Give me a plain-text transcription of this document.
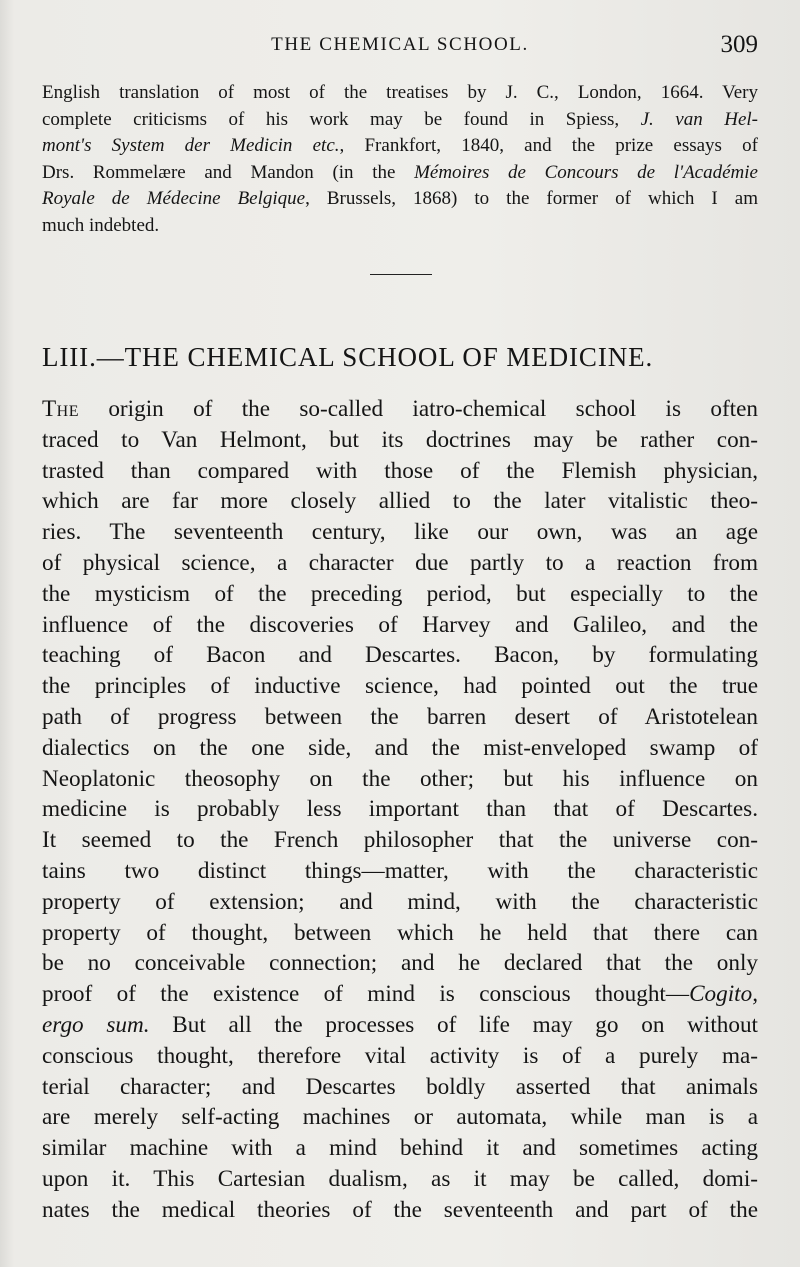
THE CHEMICAL SCHOOL.	309
English translation of most of the treatises by J. C., London, 1664. Very
complete criticisms of his work may be found in Spiess, J. van Hel-
mont's System der Medicin etc., Frankfort, 1840, and the prize essays of
Drs. Rommelære and Mandon (in the Mémoires de Concours de l'Académie
Royale de Médecine Belgique, Brussels, 1868) to the former of which I am
much indebted.
LIII.—THE CHEMICAL SCHOOL OF MEDICINE.
The origin of the so-called iatro-chemical school is often
traced to Van Helmont, but its doctrines may be rather con-
trasted than compared with those of the Flemish physician,
which are far more closely allied to the later vitalistic theo-
ries. The seventeenth century, like our own, was an age
of physical science, a character due partly to a reaction from
the mysticism of the preceding period, but especially to the
influence of the discoveries of Harvey and Galileo, and the
teaching of Bacon and Descartes. Bacon, by formulating
the principles of inductive science, had pointed out the true
path of progress between the barren desert of Aristotelean
dialectics on the one side, and the mist-enveloped swamp of
Neoplatonic theosophy on the other; but his influence on
medicine is probably less important than that of Descartes.
It seemed to the French philosopher that the universe con-
tains two distinct things—matter, with the characteristic
property of extension; and mind, with the characteristic
property of thought, between which he held that there can
be no conceivable connection; and he declared that the only
proof of the existence of mind is conscious thought—Cogito,
ergo sum. But all the processes of life may go on without
conscious thought, therefore vital activity is of a purely ma-
terial character; and Descartes boldly asserted that animals
are merely self-acting machines or automata, while man is a
similar machine with a mind behind it and sometimes acting
upon it. This Cartesian dualism, as it may be called, domi-
nates the medical theories of the seventeenth and part of the
